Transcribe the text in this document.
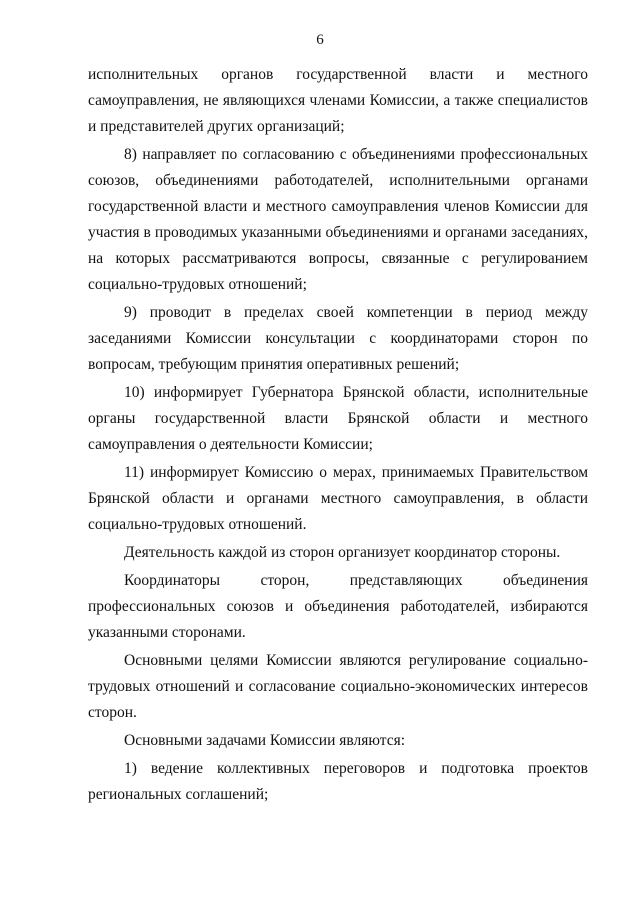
6

исполнительных органов государственной власти и местного самоуправления, не являющихся членами Комиссии, а также специалистов и представителей других организаций;

8) направляет по согласованию с объединениями профессиональных союзов, объединениями работодателей, исполнительными органами государственной власти и местного самоуправления членов Комиссии для участия в проводимых указанными объединениями и органами заседаниях, на которых рассматриваются вопросы, связанные с регулированием социально-трудовых отношений;

9) проводит в пределах своей компетенции в период между заседаниями Комиссии консультации с координаторами сторон по вопросам, требующим принятия оперативных решений;

10) информирует Губернатора Брянской области, исполнительные органы государственной власти Брянской области и местного самоуправления о деятельности Комиссии;

11) информирует Комиссию о мерах, принимаемых Правительством Брянской области и органами местного самоуправления, в области социально-трудовых отношений.

Деятельность каждой из сторон организует координатор стороны.

Координаторы сторон, представляющих объединения профессиональных союзов и объединения работодателей, избираются указанными сторонами.

Основными целями Комиссии являются регулирование социально-трудовых отношений и согласование социально-экономических интересов сторон.

Основными задачами Комиссии являются:

1) ведение коллективных переговоров и подготовка проектов региональных соглашений;
